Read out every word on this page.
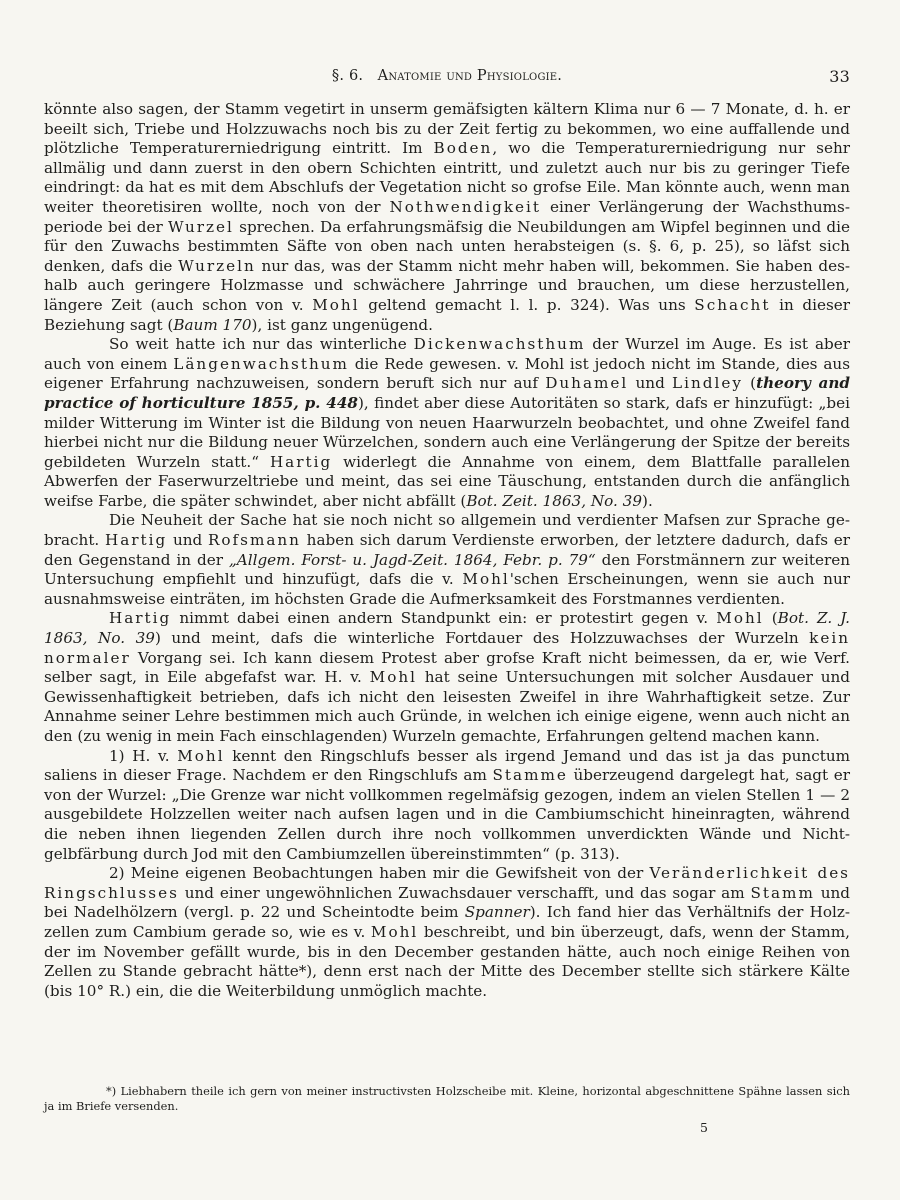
§. 6. Anatomie und Physiologie.	33

könnte also sagen, der Stamm vegetirt in unserm gemäfsigten kältern Klima nur 6 — 7 Monate, d. h. er beeilt sich, Triebe und Holzzuwachs noch bis zu der Zeit fertig zu bekommen, wo eine auffallende und plötzliche Temperaturerniedrigung eintritt. Im Boden, wo die Temperaturerniedrigung nur sehr allmälig und dann zuerst in den obern Schichten eintritt, und zuletzt auch nur bis zu geringer Tiefe eindringt: da hat es mit dem Abschlufs der Vegetation nicht so grofse Eile. Man könnte auch, wenn man weiter theoretisiren wollte, noch von der Nothwendigkeit einer Verlängerung der Wachsthumsperiode bei der Wurzel sprechen. Da erfahrungsmäfsig die Neubildungen am Wipfel beginnen und die für den Zuwachs bestimmten Säfte von oben nach unten herabsteigen (s. §. 6, p. 25), so läfst sich denken, dafs die Wurzeln nur das, was der Stamm nicht mehr haben will, bekommen. Sie haben deshalb auch geringere Holzmasse und schwächere Jahrringe und brauchen, um diese herzustellen, längere Zeit (auch schon von v. Mohl geltend gemacht l. l. p. 324). Was uns Schacht in dieser Beziehung sagt (Baum 170), ist ganz ungenügend.

So weit hatte ich nur das winterliche Dickenwachsthum der Wurzel im Auge. Es ist aber auch von einem Längenwachsthum die Rede gewesen. v. Mohl ist jedoch nicht im Stande, dies aus eigener Erfahrung nachzuweisen, sondern beruft sich nur auf Duhamel und Lindley (theory and practice of horticulture 1855, p. 448), findet aber diese Autoritäten so stark, dafs er hinzufügt: „bei milder Witterung im Winter ist die Bildung von neuen Haarwurzeln beobachtet, und ohne Zweifel fand hierbei nicht nur die Bildung neuer Würzelchen, sondern auch eine Verlängerung der Spitze der bereits gebildeten Wurzeln statt.“ Hartig widerlegt die Annahme von einem, dem Blattfalle parallelen Abwerfen der Faserwurzeltriebe und meint, das sei eine Täuschung, entstanden durch die anfänglich weifse Farbe, die später schwindet, aber nicht abfällt (Bot. Zeit. 1863, No. 39).

Die Neuheit der Sache hat sie noch nicht so allgemein und verdienter Mafsen zur Sprache gebracht. Hartig und Rofsmann haben sich darum Verdienste erworben, der letztere dadurch, dafs er den Gegenstand in der „Allgem. Forst- u. Jagd-Zeit. 1864, Febr. p. 79“ den Forstmännern zur weiteren Untersuchung empfiehlt und hinzufügt, dafs die v. Mohl'schen Erscheinungen, wenn sie auch nur ausnahmsweise einträten, im höchsten Grade die Aufmerksamkeit des Forstmannes verdienten.

Hartig nimmt dabei einen andern Standpunkt ein: er protestirt gegen v. Mohl (Bot. Z. J. 1863, No. 39) und meint, dafs die winterliche Fortdauer des Holzzuwachses der Wurzeln kein normaler Vorgang sei. Ich kann diesem Protest aber grofse Kraft nicht beimessen, da er, wie Verf. selber sagt, in Eile abgefafst war. H. v. Mohl hat seine Untersuchungen mit solcher Ausdauer und Gewissenhaftigkeit betrieben, dafs ich nicht den leisesten Zweifel in ihre Wahrhaftigkeit setze. Zur Annahme seiner Lehre bestimmen mich auch Gründe, in welchen ich einige eigene, wenn auch nicht an den (zu wenig in mein Fach einschlagenden) Wurzeln gemachte, Erfahrungen geltend machen kann.

1) H. v. Mohl kennt den Ringschlufs besser als irgend Jemand und das ist ja das punctum saliens in dieser Frage. Nachdem er den Ringschlufs am Stamme überzeugend dargelegt hat, sagt er von der Wurzel: „Die Grenze war nicht vollkommen regelmäfsig gezogen, indem an vielen Stellen 1 — 2 ausgebildete Holzzellen weiter nach aufsen lagen und in die Cambiumschicht hineinragten, während die neben ihnen liegenden Zellen durch ihre noch vollkommen unverdickten Wände und Nichtgelbfärbung durch Jod mit den Cambiumzellen übereinstimmten“ (p. 313).

2) Meine eigenen Beobachtungen haben mir die Gewifsheit von der Veränderlichkeit des Ringschlusses und einer ungewöhnlichen Zuwachsdauer verschafft, und das sogar am Stamm und bei Nadelhölzern (vergl. p. 22 und Scheintodte beim Spanner). Ich fand hier das Verhältnifs der Holzzellen zum Cambium gerade so, wie es v. Mohl beschreibt, und bin überzeugt, dafs, wenn der Stamm, der im November gefällt wurde, bis in den December gestanden hätte, auch noch einige Reihen von Zellen zu Stande gebracht hätte*), denn erst nach der Mitte des December stellte sich stärkere Kälte (bis 10° R.) ein, die die Weiterbildung unmöglich machte.

*) Liebhabern theile ich gern von meiner instructivsten Holzscheibe mit. Kleine, horizontal abgeschnittene Spähne lassen sich ja im Briefe versenden.

5
